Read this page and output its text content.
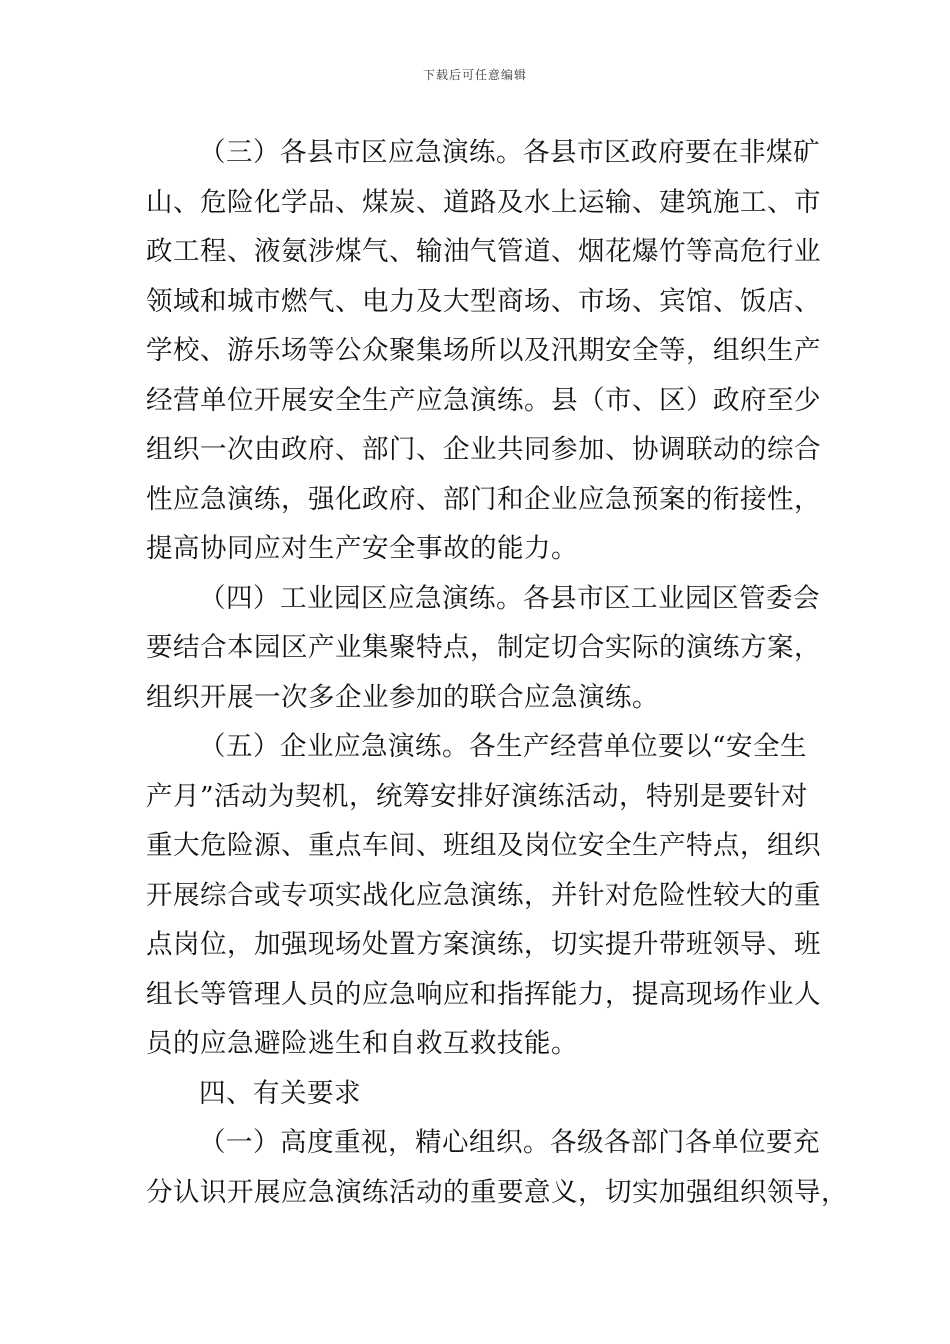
下载后可任意编辑
（三）各县市区应急演练。各县市区政府要在非煤矿
山、危险化学品、煤炭、道路及水上运输、建筑施工、市
政工程、液氨涉煤气、输油气管道、烟花爆竹等高危行业
领域和城市燃气、电力及大型商场、市场、宾馆、饭店、
学校、游乐场等公众聚集场所以及汛期安全等，组织生产
经营单位开展安全生产应急演练。县（市、区）政府至少
组织一次由政府、部门、企业共同参加、协调联动的综合
性应急演练，强化政府、部门和企业应急预案的衔接性，
提高协同应对生产安全事故的能力。
（四）工业园区应急演练。各县市区工业园区管委会
要结合本园区产业集聚特点，制定切合实际的演练方案，
组织开展一次多企业参加的联合应急演练。
（五）企业应急演练。各生产经营单位要以“安全生
产月”活动为契机，统筹安排好演练活动，特别是要针对
重大危险源、重点车间、班组及岗位安全生产特点，组织
开展综合或专项实战化应急演练，并针对危险性较大的重
点岗位，加强现场处置方案演练，切实提升带班领导、班
组长等管理人员的应急响应和指挥能力，提高现场作业人
员的应急避险逃生和自救互救技能。
四、有关要求
（一）高度重视，精心组织。各级各部门各单位要充
分认识开展应急演练活动的重要意义，切实加强组织领导，
